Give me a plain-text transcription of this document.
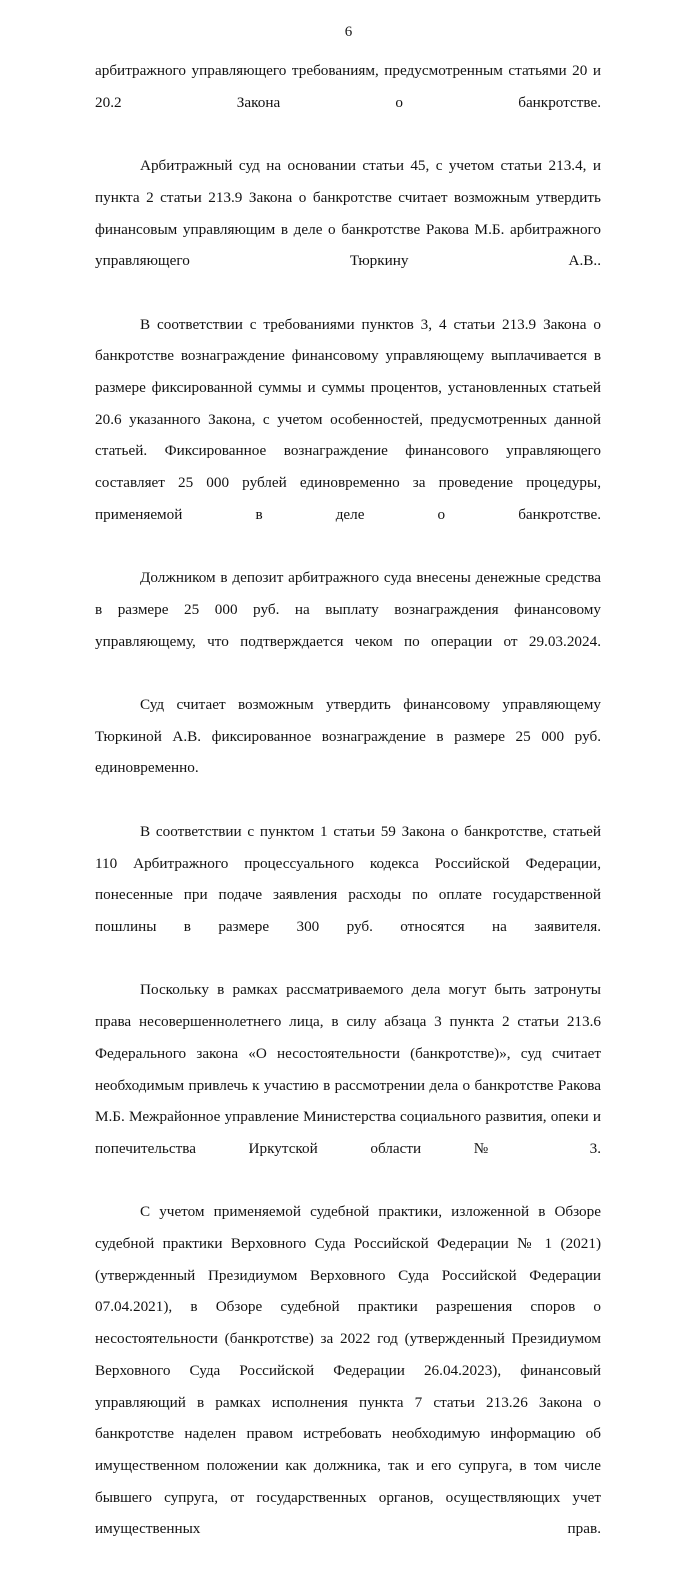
6

арбитражного управляющего требованиям, предусмотренным статьями 20 и 20.2 Закона о банкротстве.

Арбитражный суд на основании статьи 45, с учетом статьи 213.4, и пункта 2 статьи 213.9 Закона о банкротстве считает возможным утвердить финансовым управляющим в деле о банкротстве Ракова М.Б. арбитражного управляющего Тюркину А.В..

В соответствии с требованиями пунктов 3, 4 статьи 213.9 Закона о банкротстве вознаграждение финансовому управляющему выплачивается в размере фиксированной суммы и суммы процентов, установленных статьей 20.6 указанного Закона, с учетом особенностей, предусмотренных данной статьей. Фиксированное вознаграждение финансового управляющего составляет 25 000 рублей единовременно за проведение процедуры, применяемой в деле о банкротстве.

Должником в депозит арбитражного суда внесены денежные средства в размере 25 000 руб. на выплату вознаграждения финансовому управляющему, что подтверждается чеком по операции от 29.03.2024.

Суд считает возможным утвердить финансовому управляющему Тюркиной А.В. фиксированное вознаграждение в размере 25 000 руб. единовременно.

В соответствии с пунктом 1 статьи 59 Закона о банкротстве, статьей 110 Арбитражного процессуального кодекса Российской Федерации, понесенные при подаче заявления расходы по оплате государственной пошлины в размере 300 руб. относятся на заявителя.

Поскольку в рамках рассматриваемого дела могут быть затронуты права несовершеннолетнего лица, в силу абзаца 3 пункта 2 статьи 213.6 Федерального закона «О несостоятельности (банкротстве)», суд считает необходимым привлечь к участию в рассмотрении дела о банкротстве Ракова М.Б. Межрайонное управление Министерства социального развития, опеки и попечительства Иркутской области № 3.

С учетом применяемой судебной практики, изложенной в Обзоре судебной практики Верховного Суда Российской Федерации № 1 (2021) (утвержденный Президиумом Верховного Суда Российской Федерации 07.04.2021), в Обзоре судебной практики разрешения споров о несостоятельности (банкротстве) за 2022 год (утвержденный Президиумом Верховного Суда Российской Федерации 26.04.2023), финансовый управляющий в рамках исполнения пункта 7 статьи 213.26 Закона о банкротстве наделен правом истребовать необходимую информацию об имущественном положении как должника, так и его супруга, в том числе бывшего супруга, от государственных органов, осуществляющих учет имущественных прав.
